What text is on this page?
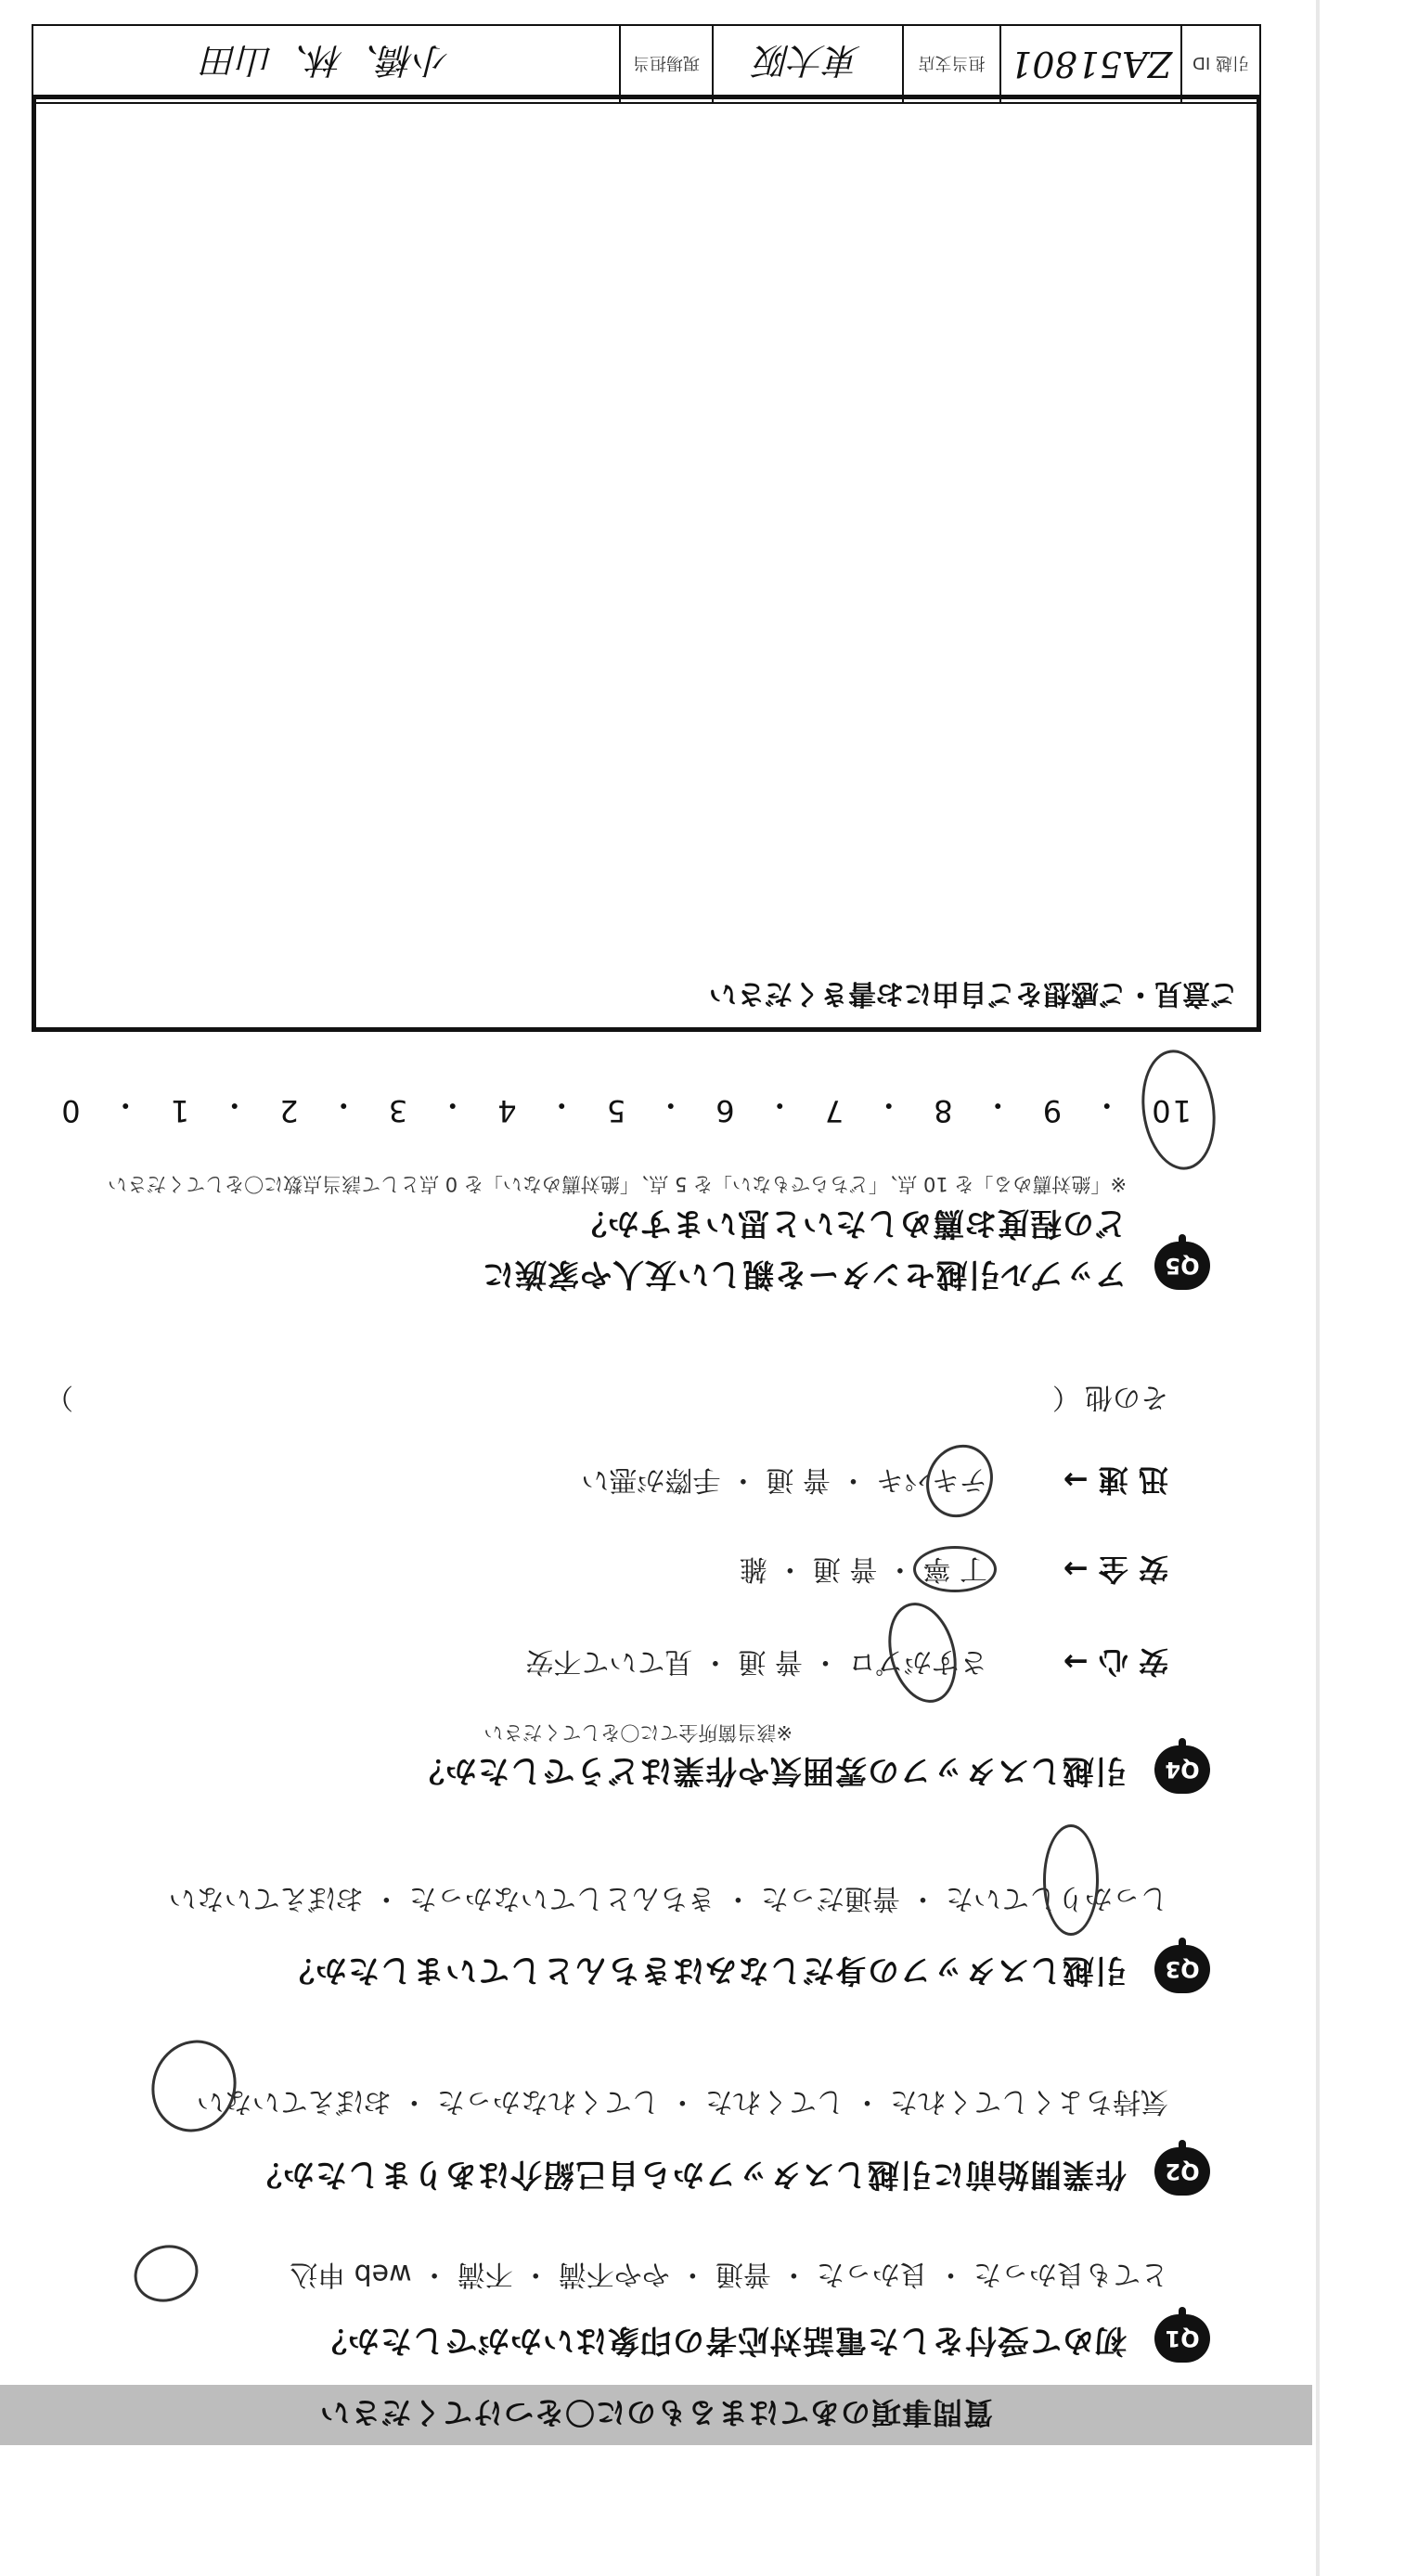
引越 ID
ZA51801
担当支店
東大阪
現場担当
小橋、林、山田
ご意見・ご感想をご自由にお書きください
Q5
アップル引越センターを親しい友人や家族に
どの程度お薦めしたいと思いますか？
※「絶対薦める」を 10 点、「どちらでもない」を 5 点、「絶対薦めない」を 0 点として該当点数に〇をしてください
10
・
9
・
8
・
7
・
6
・
5
・
4
・
3
・
2
・
1
・
0
Q4
引越しスタッフの雰囲気や作業はどうでしたか？
※該当箇所全てに〇をしてください
安 心 →
さすがプロ ・ 普 通 ・ 見ていて不安
安 全 →
丁 寧 ・ 普 通 ・ 雑
迅 速 →
テキパキ ・ 普 通 ・ 手際が悪い
その他
（
）
Q3
引越しスタッフの身だしなみはきちんとしていましたか？
しっかりしていた ・ 普通だった ・ きちんとしていなかった ・ おぼえていない
Q2
作業開始前に引越しスタッフから自己紹介はありましたか？
気持ちよくしてくれた ・ してくれた ・ してくれなかった ・ おぼえていない
Q1
初めて受付をした電話対応者の印象はいかがでしたか？
とても良かった ・ 良かった ・ 普通 ・ やや不満 ・ 不満 ・ web 申込
質問事項のあてはまるものに〇をつけてください
